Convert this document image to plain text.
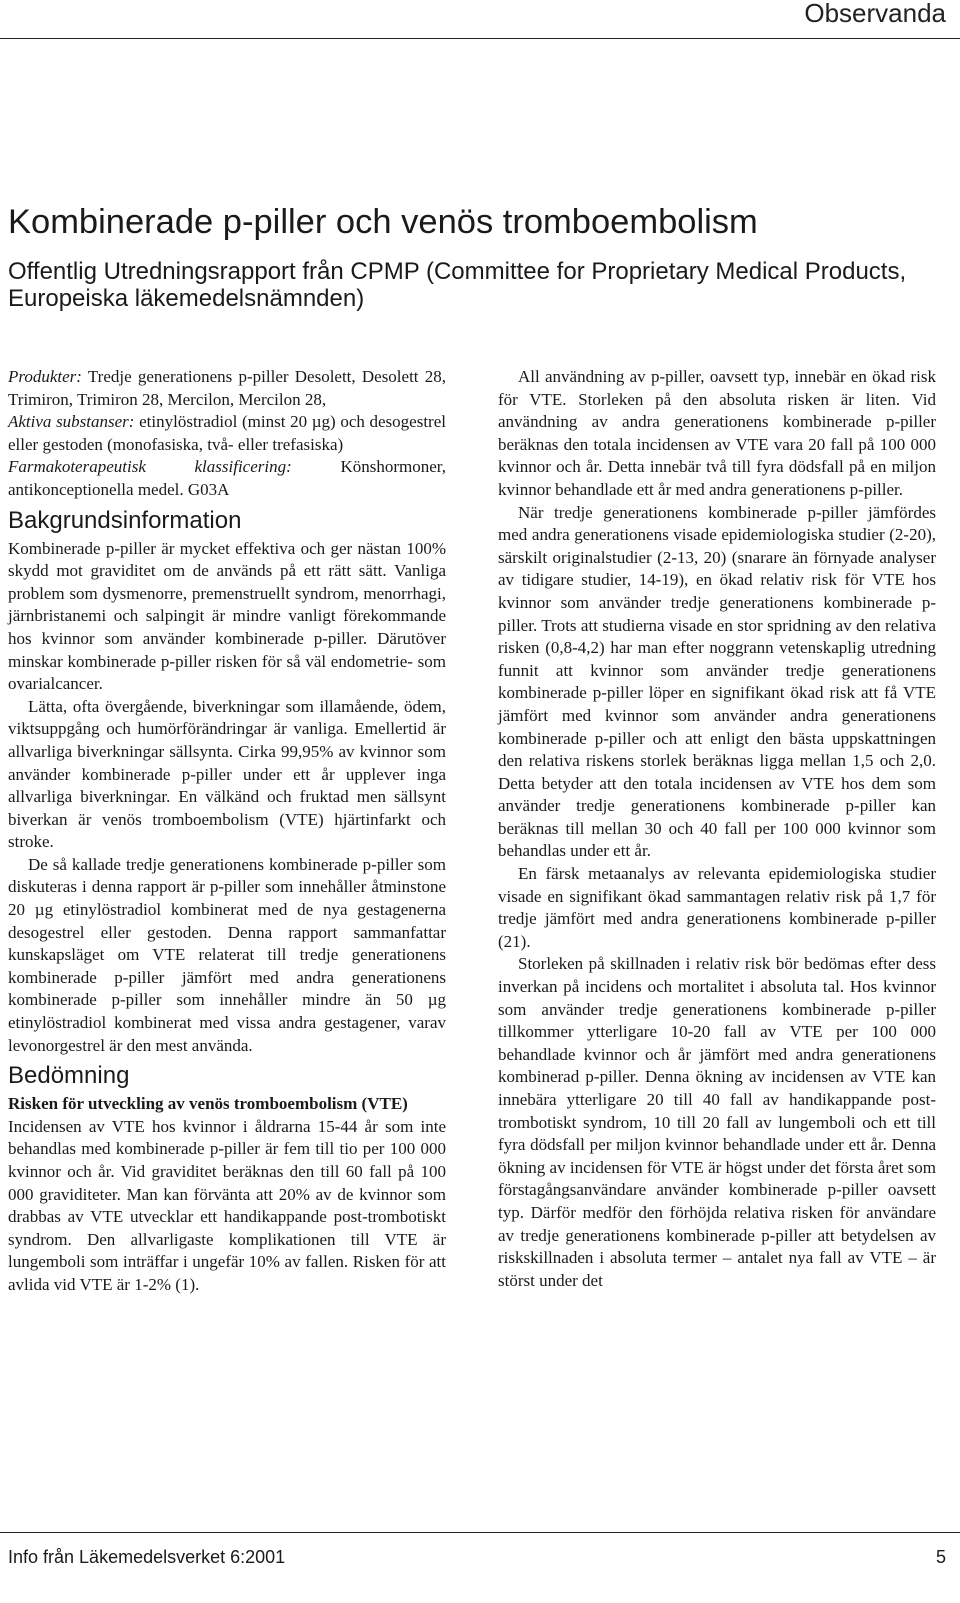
Observanda
Kombinerade p-piller och venös tromboembolism
Offentlig Utredningsrapport från CPMP (Committee for Proprietary Medical Products, Europeiska läkemedelsnämnden)

Produkter: Tredje generationens p-piller Desolett, Desolett 28, Trimiron, Trimiron 28, Mercilon, Mercilon 28,

Aktiva substanser: etinylöstradiol (minst 20 µg) och desogestrel eller gestoden (monofasiska, två- eller trefasiska)

Farmakoterapeutisk klassificering:	Könshormoner, antikonceptionella medel. G03A

Bakgrundsinformation

Kombinerade p-piller är mycket effektiva och ger nästan 100% skydd mot graviditet om de används på ett rätt sätt. Vanliga problem som dysmenorre, premenstruellt syndrom, menorrhagi, järnbristanemi och salpingit är mindre vanligt förekommande hos kvinnor som använder kombinerade p-piller. Därutöver minskar kombinerade p-piller risken för så väl endometrie- som ovarialcancer.

Lätta, ofta övergående, biverkningar som illamående, ödem, viktsuppgång och humörförändringar är vanliga. Emellertid är allvarliga biverkningar sällsynta. Cirka 99,95% av kvinnor som använder kombinerade p-piller under ett år upplever inga allvarliga biverkningar. En välkänd och fruktad men sällsynt biverkan är venös tromboembolism (VTE) hjärtinfarkt och stroke.

De så kallade tredje generationens kombinerade p-piller som diskuteras i denna rapport är p-piller som innehåller åtminstone 20 µg etinylöstradiol kombinerat med de nya gestagenerna desogestrel eller gestoden. Denna rapport sammanfattar kunskapsläget om VTE relaterat till tredje generationens kombinerade p-piller jämfört med andra generationens kombinerade p-piller som innehåller mindre än 50 µg etinylöstradiol kombinerat med vissa andra gestagener, varav levonorgestrel är den mest använda.

Bedömning
Risken för utveckling av venös tromboembolism (VTE)

Incidensen av VTE hos kvinnor i åldrarna 15-44 år som inte behandlas med kombinerade p-piller är fem till tio per 100 000 kvinnor och år. Vid graviditet beräknas den till 60 fall på 100 000 graviditeter. Man kan förvänta att 20% av de kvinnor som drabbas av VTE utvecklar ett handikappande post-trombotiskt syndrom. Den allvarligaste komplikationen till VTE är lungemboli som inträffar i ungefär 10% av fallen. Risken för att avlida vid VTE är 1-2% (1).

All användning av p-piller, oavsett typ, innebär en ökad risk för VTE. Storleken på den absoluta risken är liten. Vid användning av andra generationens kombinerade p-piller beräknas den totala incidensen av VTE vara 20 fall på 100 000 kvinnor och år. Detta innebär två till fyra dödsfall på en miljon kvinnor behandlade ett år med andra generationens p-piller.

När tredje generationens kombinerade p-piller jämfördes med andra generationens visade epidemiologiska studier (2-20), särskilt originalstudier (2-13, 20) (snarare än förnyade analyser av tidigare studier, 14-19), en ökad relativ risk för VTE hos kvinnor som använder tredje generationens kombinerade p-piller. Trots att studierna visade en stor spridning av den relativa risken (0,8-4,2) har man efter noggrann vetenskaplig utredning funnit att kvinnor som använder tredje generationens kombinerade p-piller löper en signifikant ökad risk att få VTE jämfört med kvinnor som använder andra generationens kombinerade p-piller och att enligt den bästa uppskattningen den relativa riskens storlek beräknas ligga mellan 1,5 och 2,0. Detta betyder att den totala incidensen av VTE hos dem som använder tredje generationens kombinerade p-piller kan beräknas till mellan 30 och 40 fall per 100 000 kvinnor som behandlas under ett år.

En färsk metaanalys av relevanta epidemiologiska studier visade en signifikant ökad sammantagen relativ risk på 1,7 för tredje jämfört med andra generationens kombinerade p-piller (21).

Storleken på skillnaden i relativ risk bör bedömas efter dess inverkan på incidens och mortalitet i absoluta tal. Hos kvinnor som använder tredje generationens kombinerade p-piller tillkommer ytterligare 10-20 fall av VTE per 100 000 behandlade kvinnor och år jämfört med andra generationens kombinerad p-piller. Denna ökning av incidensen av VTE kan innebära ytterligare 20 till 40 fall av handikappande post-trombotiskt syndrom, 10 till 20 fall av lungemboli och ett till fyra dödsfall per miljon kvinnor behandlade under ett år. Denna ökning av incidensen för VTE är högst under det första året som förstagångsanvändare använder kombinerade p-piller oavsett typ. Därför medför den förhöjda relativa risken för användare av tredje generationens kombinerade p-piller att betydelsen av riskskillnaden i absoluta termer – antalet nya fall av VTE – är störst under det

Info från Läkemedelsverket 6:2001	5
